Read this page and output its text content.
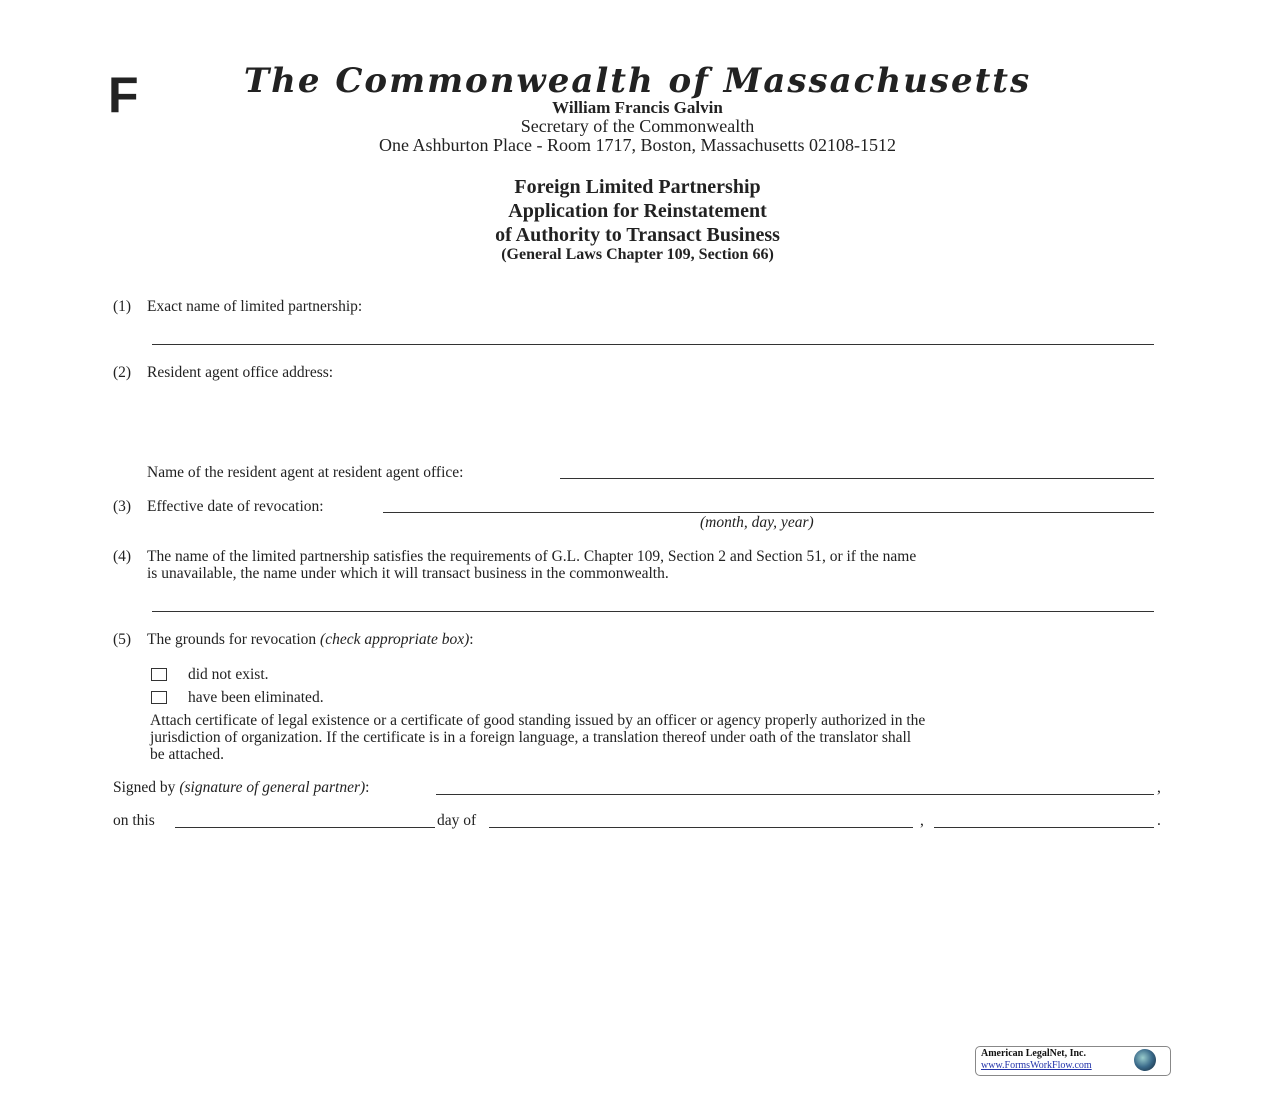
F	The Commonwealth of Massachusetts
William Francis Galvin
Secretary of the Commonwealth
One Ashburton Place - Room 1717, Boston, Massachusetts 02108-1512
Foreign Limited Partnership
Application for Reinstatement
of Authority to Transact Business
(General Laws Chapter 109, Section 66)
(1) Exact name of limited partnership:
(2) Resident agent office address:
Name of the resident agent at resident agent office:
(3) Effective date of revocation:
(month, day, year)
(4) The name of the limited partnership satisfies the requirements of G.L. Chapter 109, Section 2 and Section 51, or if the name
is unavailable, the name under which it will transact business in the commonwealth.
(5) The grounds for revocation (check appropriate box):
did not exist.
have been eliminated.
Attach certificate of legal existence or a certificate of good standing issued by an officer or agency properly authorized in the
jurisdiction of organization. If the certificate is in a foreign language, a translation thereof under oath of the translator shall
be attached.
Signed by (signature of general partner):	,
on this	day of	,	.
American LegalNet, Inc.
www.FormsWorkFlow.com
